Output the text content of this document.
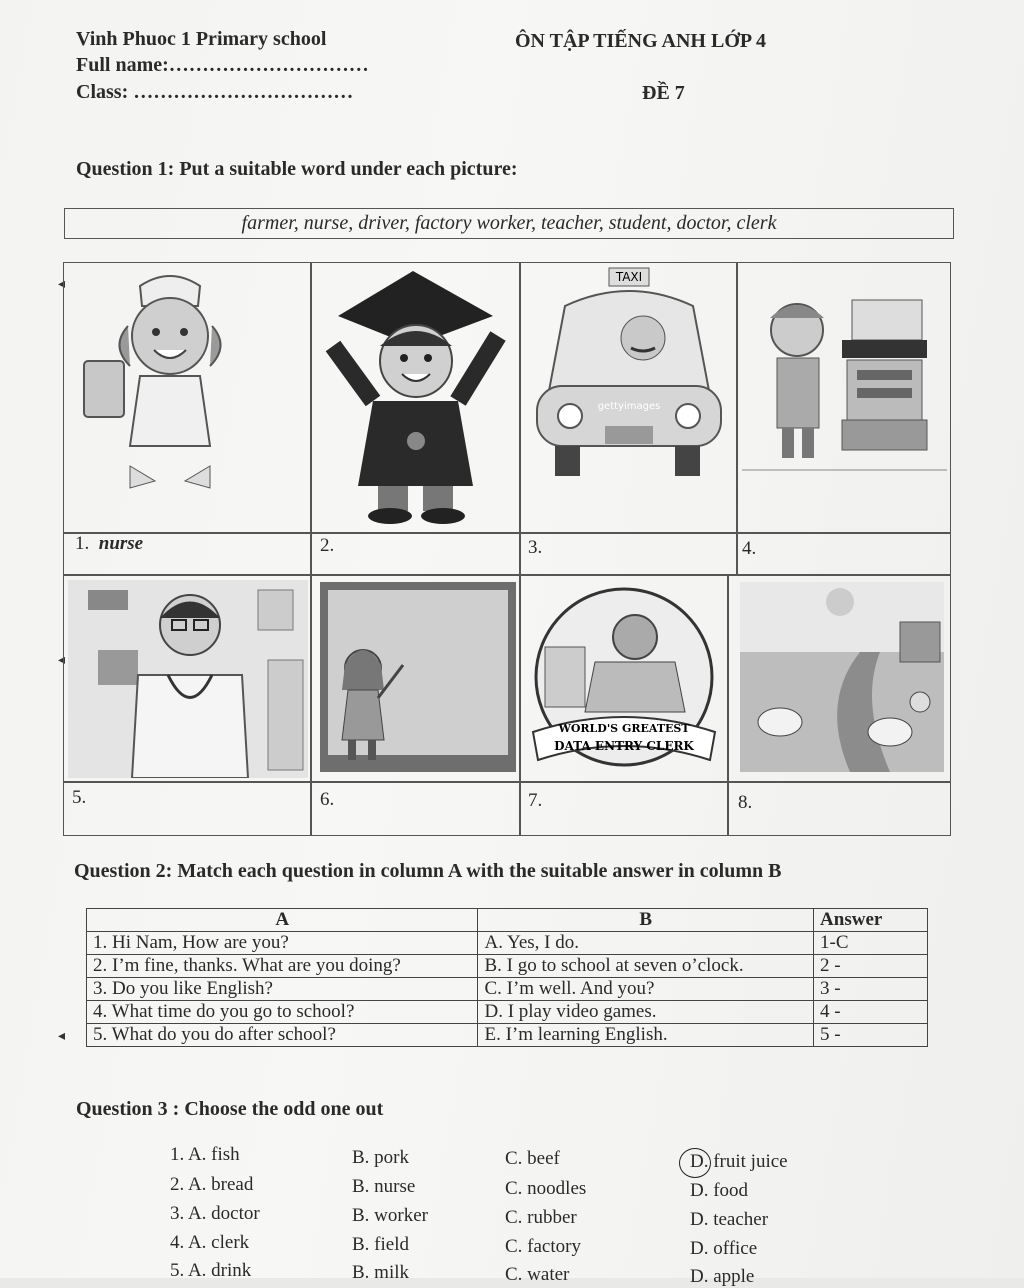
Vinh Phuoc 1 Primary school
Full name:…………………………
Class: ……………………………
ÔN TẬP TIẾNG ANH LỚP 4
ĐỀ 7
Question 1: Put a suitable word under each picture:
farmer, nurse, driver, factory worker, teacher, student, doctor, clerk
◂
◂
TAXI
gettyimages
1. nurse	2.	3.	4.
WORLD'S GREATEST
DATA ENTRY CLERK
5.	6.	7.	8.
Question 2: Match each question in column A with the suitable answer in column B
A	B	Answer
1. Hi Nam, How are you?	A. Yes, I do.	1-C
2. I’m fine, thanks. What are you doing?	B. I go to school at seven o’clock.	2 -
3. Do you like English?	C. I’m well. And you?	3 -
4. What time do you go to school?	D. I play video games.	4 -
5. What do you do after school?	E. I’m learning English.	5 -
◂
Question 3 : Choose the odd one out
1. A. fish	B. pork	C. beef	D. fruit juice
2. A. bread	B. nurse	C. noodles	D. food
3. A. doctor	B. worker	C. rubber	D. teacher
4. A. clerk	B. field	C. factory	D. office
5. A. drink	B. milk	C. water	D. apple
